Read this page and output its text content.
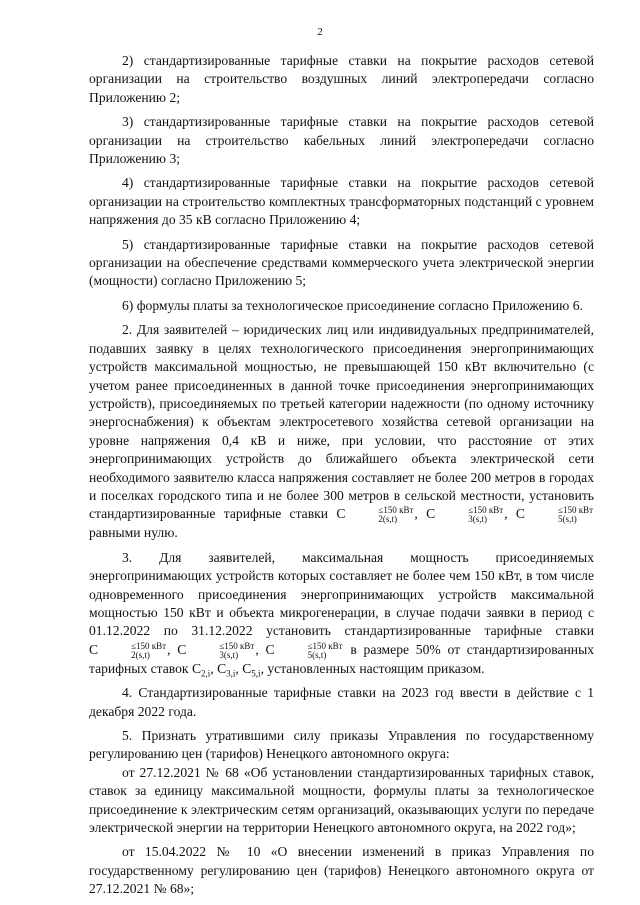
2

2) стандартизированные тарифные ставки на покрытие расходов сетевой организации на строительство воздушных линий электропередачи согласно Приложению 2;

3) стандартизированные тарифные ставки на покрытие расходов сетевой организации на строительство кабельных линий электропередачи согласно Приложению 3;

4) стандартизированные тарифные ставки на покрытие расходов сетевой организации на строительство комплектных трансформаторных подстанций с уровнем напряжения до 35 кВ согласно Приложению 4;

5) стандартизированные тарифные ставки на покрытие расходов сетевой организации на обеспечение средствами коммерческого учета электрической энергии (мощности) согласно Приложению 5;

6) формулы платы за технологическое присоединение согласно Приложению 6.

2. Для заявителей – юридических лиц или индивидуальных предпринимателей, подавших заявку в целях технологического присоединения энергопринимающих устройств максимальной мощностью, не превышающей 150 кВт включительно (с учетом ранее присоединенных в данной точке присоединения энергопринимающих устройств), присоединяемых по третьей категории надежности (по одному источнику энергоснабжения) к объектам электросетевого хозяйства сетевой организации на уровне напряжения 0,4 кВ и ниже, при условии, что расстояние от этих энергопринимающих устройств до ближайшего объекта электрической сети необходимого заявителю класса напряжения составляет не более 200 метров в городах и поселках городского типа и не более 300 метров в сельской местности, установить стандартизированные тарифные ставки C	≤150 кВт
2(s,t)	, C	≤150 кВт
3(s,t)	, C	≤150 кВт
5(s,t)
равными нулю.

3. Для заявителей, максимальная мощность присоединяемых энергопринимающих устройств которых составляет не более чем 150 кВт, в том числе одновременного присоединения энергопринимающих устройств максимальной мощностью 150 кВт и объекта микрогенерации, в случае подачи заявки в период с 01.12.2022 по 31.12.2022 установить стандартизированные тарифные ставки C	≤150 кВт
2(s,t)	, C	≤150 кВт
3(s,t)	, C	≤150 кВт
5(s,t)	в размере 50% от стандартизированных тарифных ставок $C_{2,i}$, $C_{3,i}$, $C_{5,i}$, установленных настоящим приказом.

4. Стандартизированные тарифные ставки на 2023 год ввести в действие с 1 декабря 2022 года.

5. Признать утратившими силу приказы Управления по государственному регулированию цен (тарифов) Ненецкого автономного округа:

от 27.12.2021 № 68 «Об установлении стандартизированных тарифных ставок, ставок за единицу максимальной мощности, формулы платы за технологическое присоединение к электрическим сетям организаций, оказывающих услуги по передаче электрической энергии на территории Ненецкого автономного округа, на 2022 год»;

от 15.04.2022 № 10 «О внесении изменений в приказ Управления по государственному регулированию цен (тарифов) Ненецкого автономного округа от 27.12.2021 № 68»;
